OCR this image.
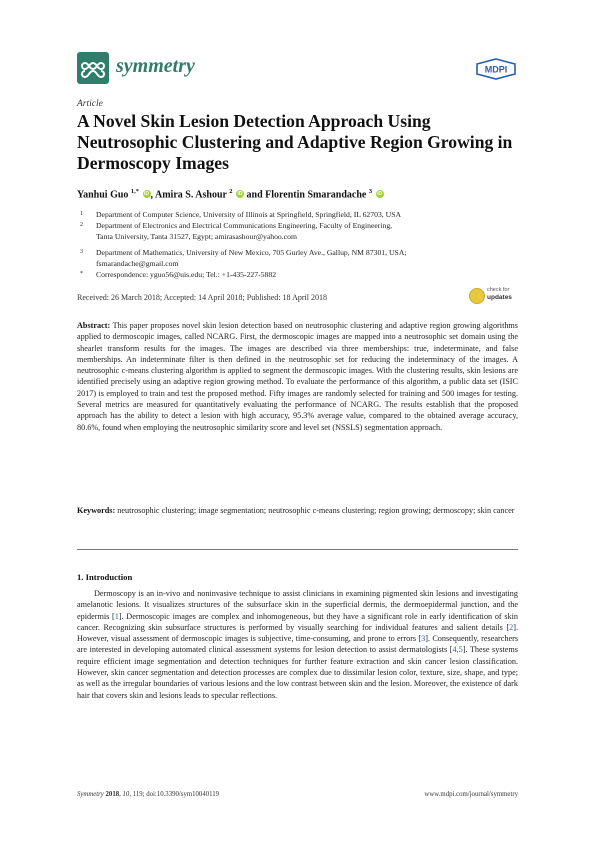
symmetry	MDPI
Article
A Novel Skin Lesion Detection Approach Using Neutrosophic Clustering and Adaptive Region Growing in Dermoscopy Images
Yanhui Guo $^{1,*}$ iD , Amira S. Ashour $^2$ iD and Florentin Smarandache $^3$ iD
1	Department of Computer Science, University of Illinois at Springfield, Springfield, IL 62703, USA
2	Department of Electronics and Electrical Communications Engineering, Faculty of Engineering,
Tanta University, Tanta 31527, Egypt; amirasashour@yahoo.com
3	Department of Mathematics, University of New Mexico, 705 Gurley Ave., Gallup, NM 87301, USA;
fsmarandache@gmail.com
*	Correspondence: yguo56@uis.edu; Tel.: +1-435-227-5882
Received: 26 March 2018; Accepted: 14 April 2018; Published: 18 April 2018
check for
updates
Abstract: This paper proposes novel skin lesion detection based on neutrosophic clustering and adaptive region growing algorithms applied to dermoscopic images, called NCARG. First, the dermoscopic images are mapped into a neutrosophic set domain using the shearlet transform results for the images. The images are described via three memberships: true, indeterminate, and false memberships. An indeterminate filter is then defined in the neutrosophic set for reducing the indeterminacy of the images. A neutrosophic c-means clustering algorithm is applied to segment the dermoscopic images. With the clustering results, skin lesions are identified precisely using an adaptive region growing method. To evaluate the performance of this algorithm, a public data set (ISIC 2017) is employed to train and test the proposed method. Fifty images are randomly selected for training and 500 images for testing. Several metrics are measured for quantitatively evaluating the performance of NCARG. The results establish that the proposed approach has the ability to detect a lesion with high accuracy, 95.3% average value, compared to the obtained average accuracy, 80.6%, found when employing the neutrosophic similarity score and level set (NSSLS) segmentation approach.
Keywords: neutrosophic clustering; image segmentation; neutrosophic c-means clustering; region growing; dermoscopy; skin cancer
1. Introduction
Dermoscopy is an in-vivo and noninvasive technique to assist clinicians in examining pigmented skin lesions and investigating amelanotic lesions. It visualizes structures of the subsurface skin in the superficial dermis, the dermoepidermal junction, and the epidermis [1]. Dermoscopic images are complex and inhomogeneous, but they have a significant role in early identification of skin cancer. Recognizing skin subsurface structures is performed by visually searching for individual features and salient details [2]. However, visual assessment of dermoscopic images is subjective, time-consuming, and prone to errors [3]. Consequently, researchers are interested in developing automated clinical assessment systems for lesion detection to assist dermatologists [4,5]. These systems require efficient image segmentation and detection techniques for further feature extraction and skin cancer lesion classification. However, skin cancer segmentation and detection processes are complex due to dissimilar lesion color, texture, size, shape, and type; as well as the irregular boundaries of various lesions and the low contrast between skin and the lesion. Moreover, the existence of dark hair that covers skin and lesions leads to specular reflections.
Symmetry 2018, 10, 119; doi:10.3390/sym10040119	www.mdpi.com/journal/symmetry
